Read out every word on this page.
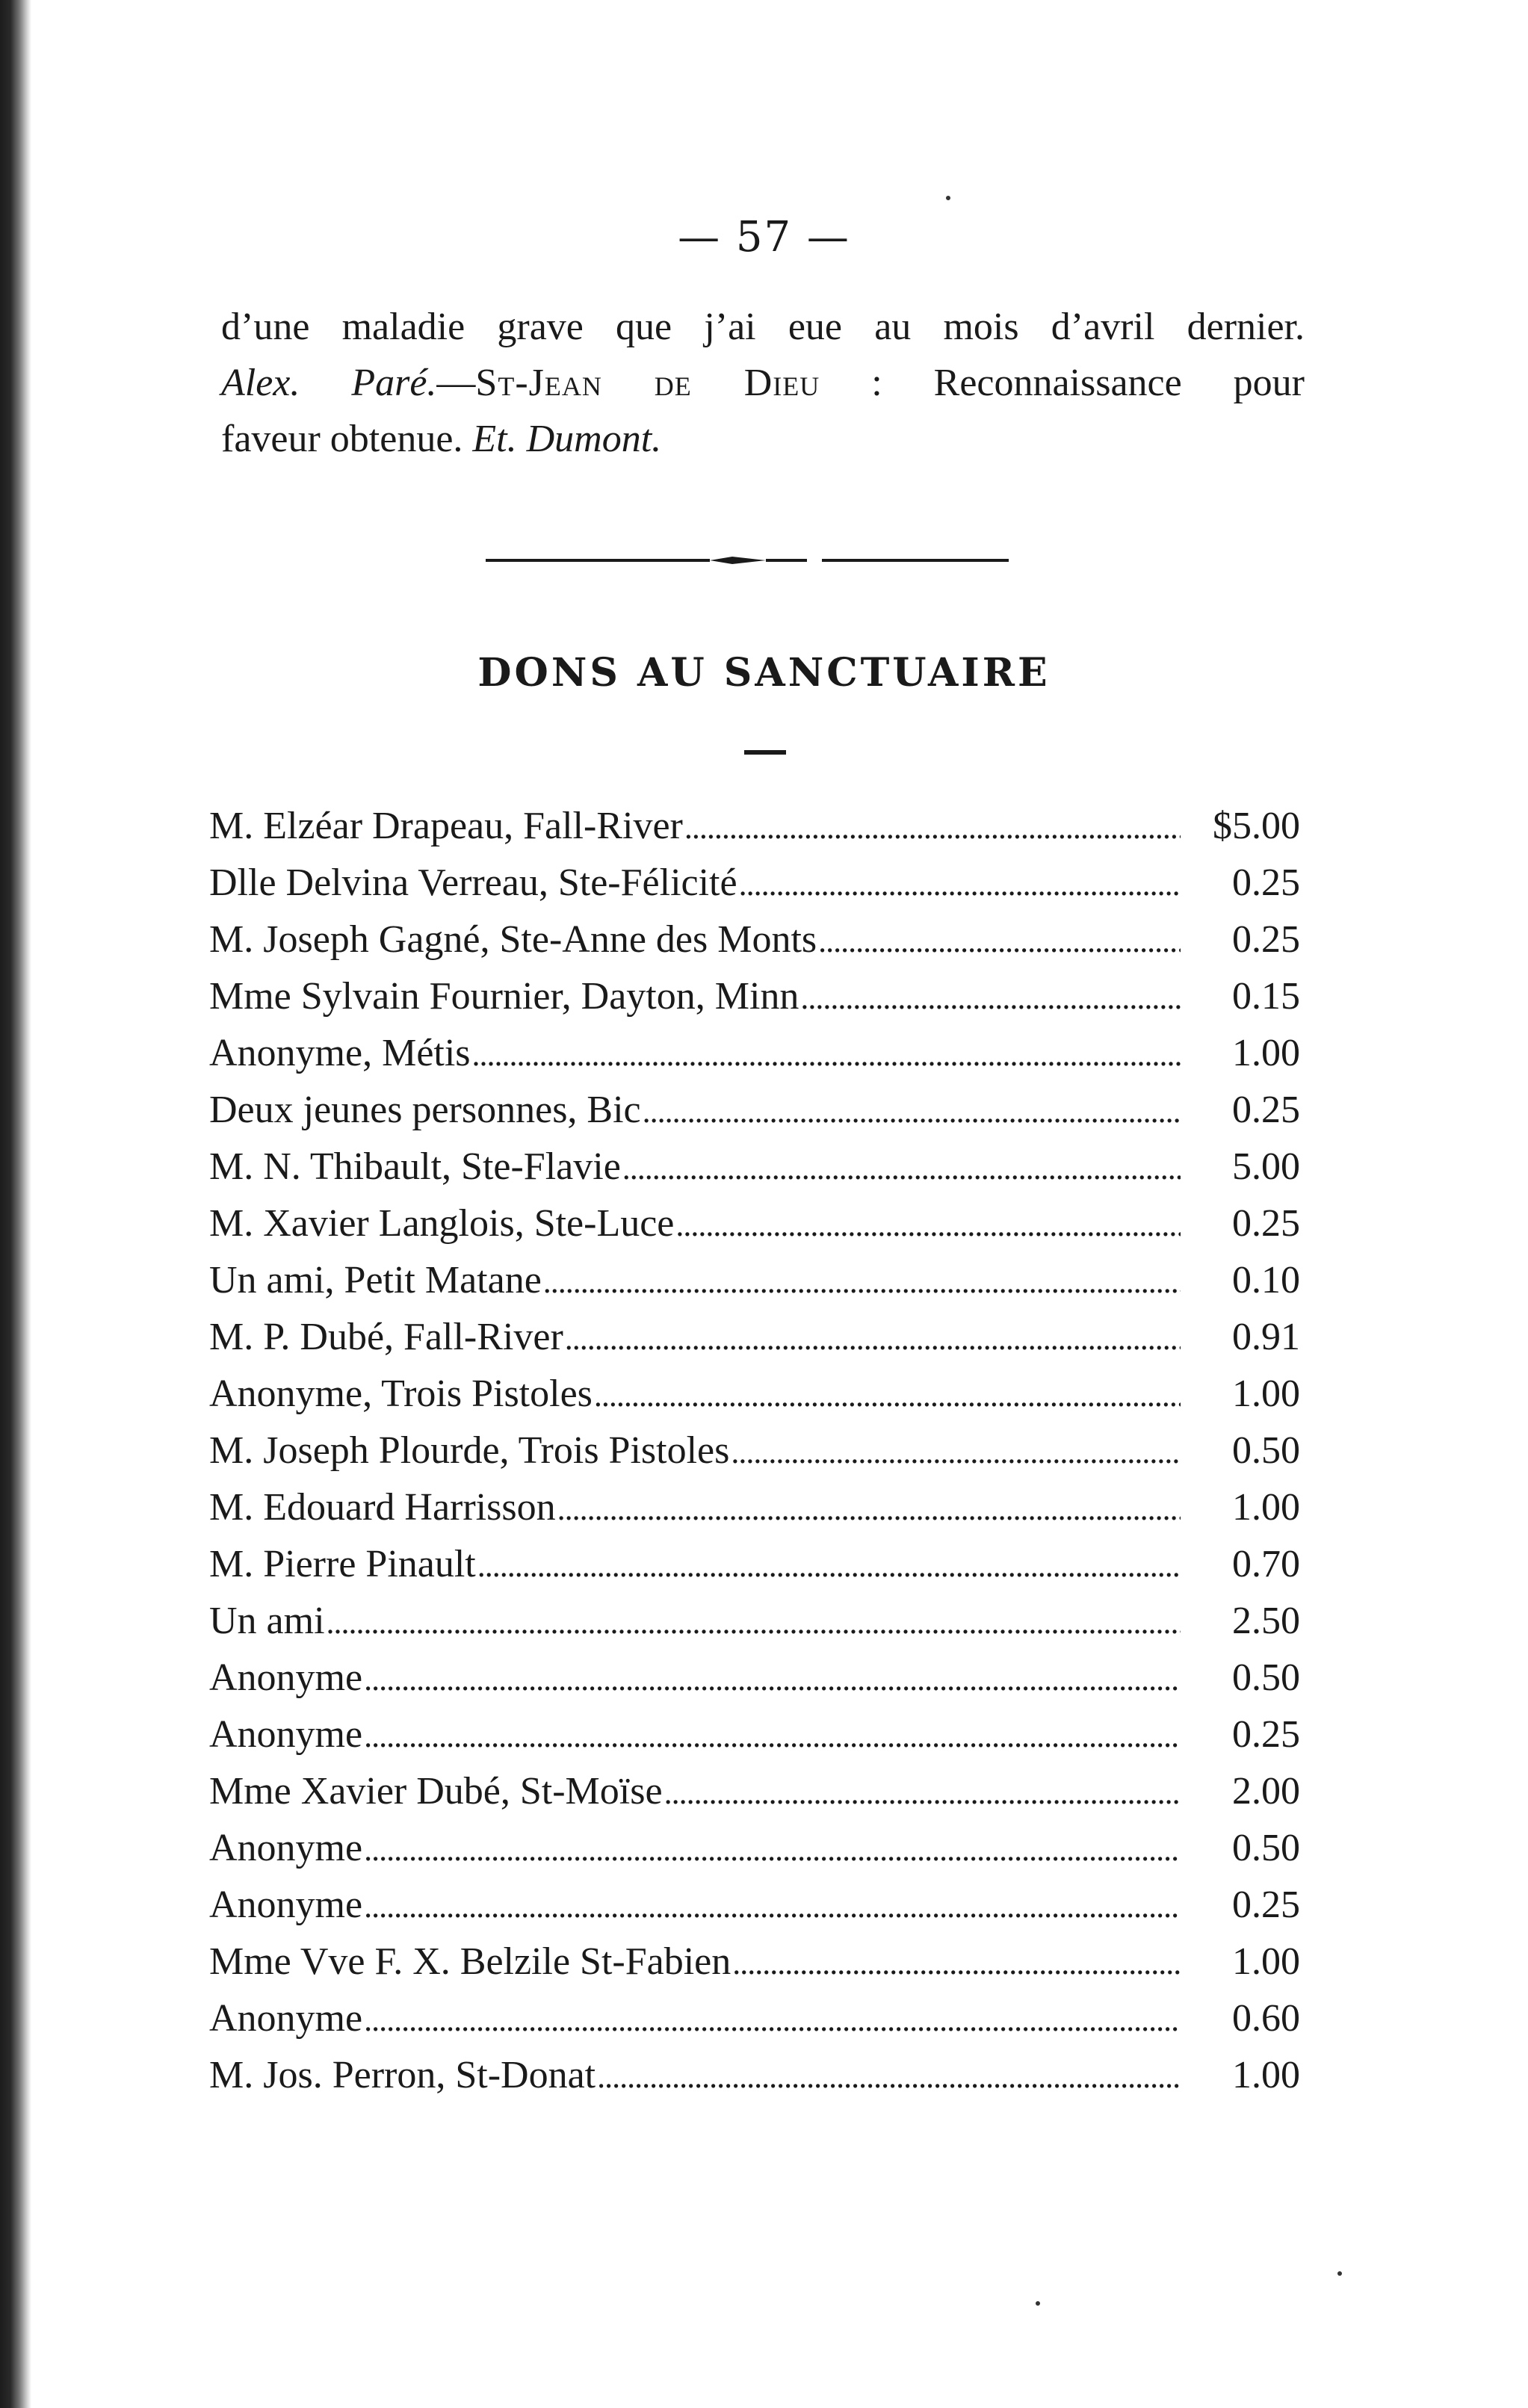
— 57 —

d’une maladie grave que j’ai eue au mois d’avril dernier.
Alex. Paré.—St-Jean de Dieu : Reconnaissance pour
faveur obtenue. Et. Dumont.

DONS AU SANCTUAIRE
M. Elzéar Drapeau, Fall-River . . .	$5.00
Dlle Delvina Verreau, Ste-Félicité . . .	0.25
M. Joseph Gagné, Ste-Anne des Monts . . .	0.25
Mme Sylvain Fournier, Dayton, Minn . . .	0.15
Anonyme, Métis . . .	1.00
Deux jeunes personnes, Bic . . .	0.25
M. N. Thibault, Ste-Flavie . . .	5.00
M. Xavier Langlois, Ste-Luce . . .	0.25
Un ami, Petit Matane . . .	0.10
M. P. Dubé, Fall-River . . .	0.91
Anonyme, Trois Pistoles . . .	1.00
M. Joseph Plourde, Trois Pistoles . . .	0.50
M. Edouard Harrisson . . .	1.00
M. Pierre Pinault . . .	0.70
Un ami . . .	2.50
Anonyme . . .	0.50
Anonyme . . .	0.25
Mme Xavier Dubé, St-Moïse . . .	2.00
Anonyme . . .	0.50
Anonyme . . .	0.25
Mme Vve F. X. Belzile St-Fabien . . .	1.00
Anonyme . . .	0.60
M. Jos. Perron, St-Donat . . .	1.00
